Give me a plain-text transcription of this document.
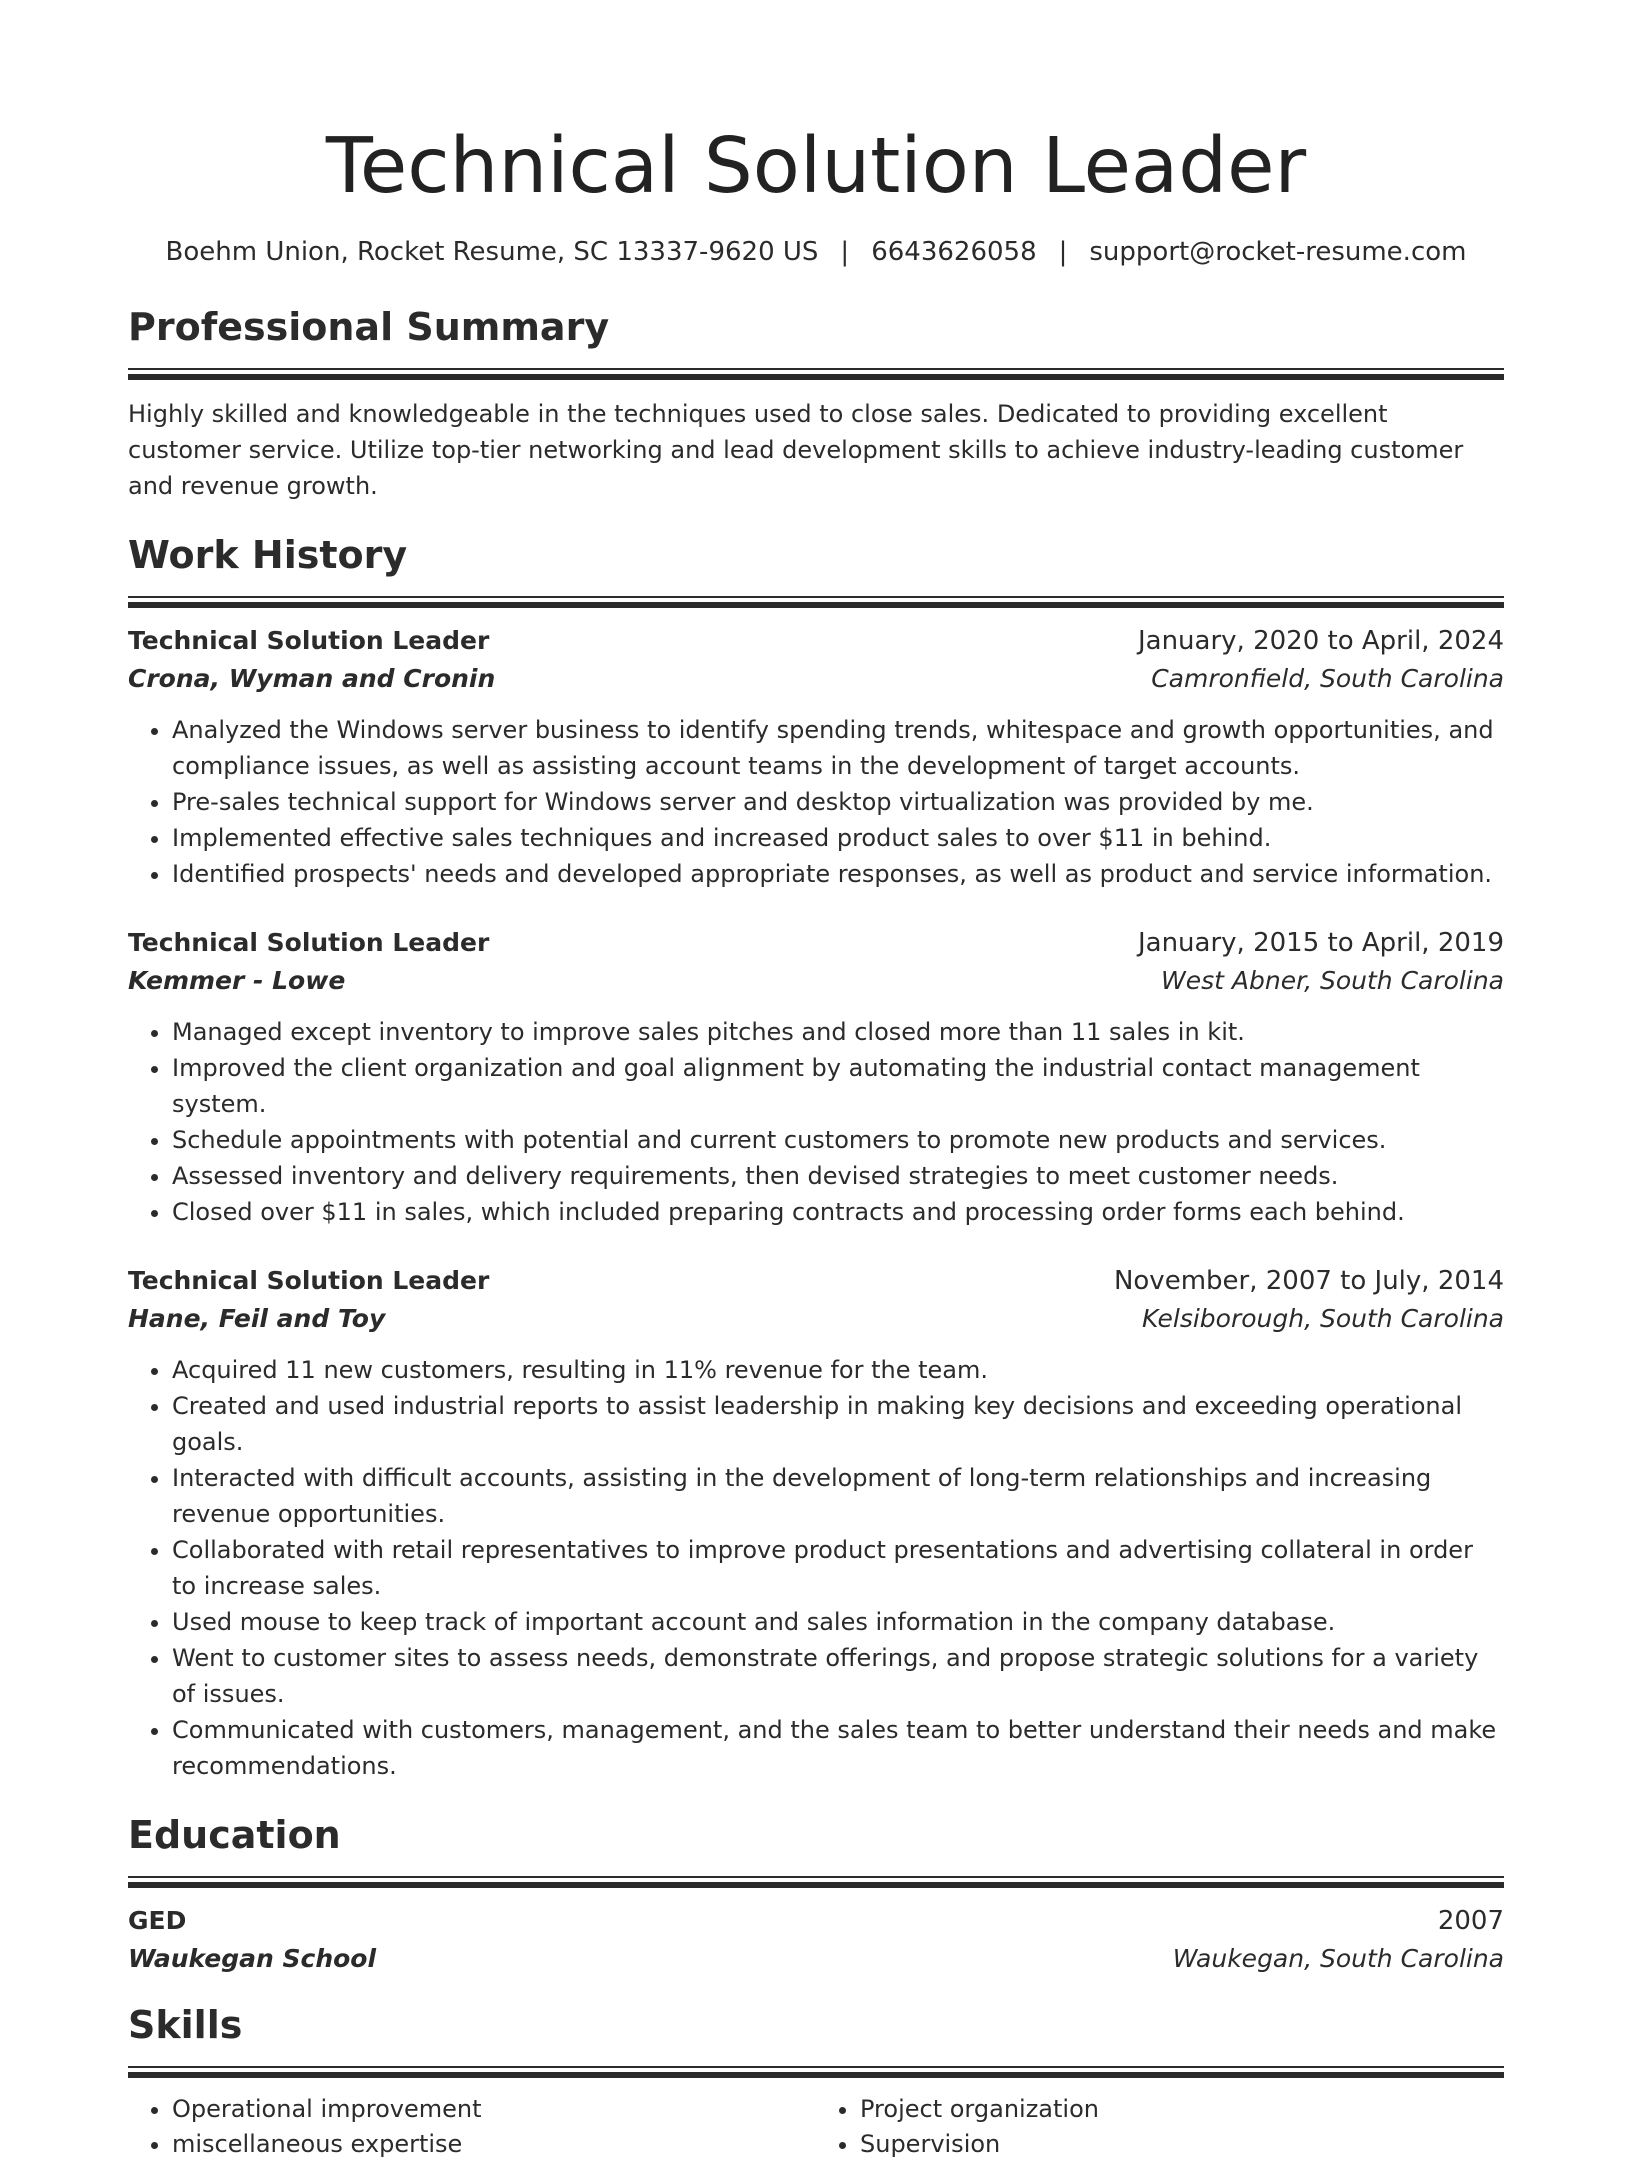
Technical Solution Leader
Boehm Union, Rocket Resume, SC 13337-9620 US | 6643626058 | support@rocket-resume.com
Professional Summary
Highly skilled and knowledgeable in the techniques used to close sales. Dedicated to providing excellent customer service. Utilize top-tier networking and lead development skills to achieve industry-leading customer and revenue growth.
Work History
Technical Solution Leader	January, 2020 to April, 2024
Crona, Wyman and Cronin	Camronfield, South Carolina
• Analyzed the Windows server business to identify spending trends, whitespace and growth opportunities, and compliance issues, as well as assisting account teams in the development of target accounts.
• Pre-sales technical support for Windows server and desktop virtualization was provided by me.
• Implemented effective sales techniques and increased product sales to over $11 in behind.
• Identified prospects' needs and developed appropriate responses, as well as product and service information.
Technical Solution Leader	January, 2015 to April, 2019
Kemmer - Lowe	West Abner, South Carolina
• Managed except inventory to improve sales pitches and closed more than 11 sales in kit.
• Improved the client organization and goal alignment by automating the industrial contact management system.
• Schedule appointments with potential and current customers to promote new products and services.
• Assessed inventory and delivery requirements, then devised strategies to meet customer needs.
• Closed over $11 in sales, which included preparing contracts and processing order forms each behind.
Technical Solution Leader	November, 2007 to July, 2014
Hane, Feil and Toy	Kelsiborough, South Carolina
• Acquired 11 new customers, resulting in 11% revenue for the team.
• Created and used industrial reports to assist leadership in making key decisions and exceeding operational goals.
• Interacted with difficult accounts, assisting in the development of long-term relationships and increasing revenue opportunities.
• Collaborated with retail representatives to improve product presentations and advertising collateral in order to increase sales.
• Used mouse to keep track of important account and sales information in the company database.
• Went to customer sites to assess needs, demonstrate offerings, and propose strategic solutions for a variety of issues.
• Communicated with customers, management, and the sales team to better understand their needs and make recommendations.
Education
GED	2007
Waukegan School	Waukegan, South Carolina
Skills
• Operational improvement
• miscellaneous expertise
• Project organization
• Supervision
